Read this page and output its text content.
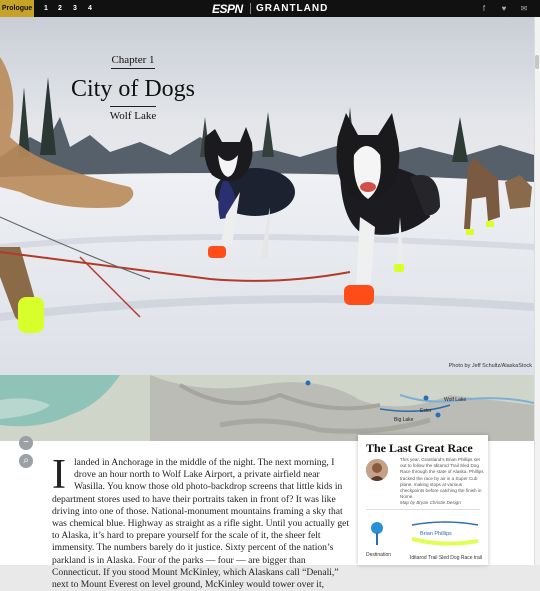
Prologue	1	2	3	4	ESPN GRANTLAND	f	♥	✉
Chapter 1
City of Dogs
Wolf Lake
Photo by Jeff Schultz/AlaskaStock
Wolf Lake
Ester
Big Lake
−
⌕ Ilanded in Anchorage in the middle of the night. The next morning, I drove an hour north to Wolf Lake Airport, a private airfield near Wasilla. You know those old photo-backdrop screens that little kids in department stores used to have their portraits taken in front of? It was like driving into one of those. National-monument mountains framing a sky that was chemical blue. Highway as straight as a rifle sight. Until you actually get to Alaska, it’s hard to prepare yourself for the scale of it, the sheer felt immensity. The numbers barely do it justice. Sixty percent of the nation’s parkland is in Alaska. Four of the parks — four — are bigger than Connecticut. If you stood Mount McKinley, which Alaskans call “Denali,” next to Mount Everest on level ground, McKinley would tower over it,
The Last Great Race
This year, Grantland’s Brian Phillips set out to follow the Iditarod Trail Sled Dog Race through the state of Alaska. Phillips tracked the race by air in a Super Cub plane, making stops at various checkpoints before catching the finish in Nome.
Map by Bryan Christie Design
Destination
Brian Phillips
Iditarod Trail Sled Dog Race trail
